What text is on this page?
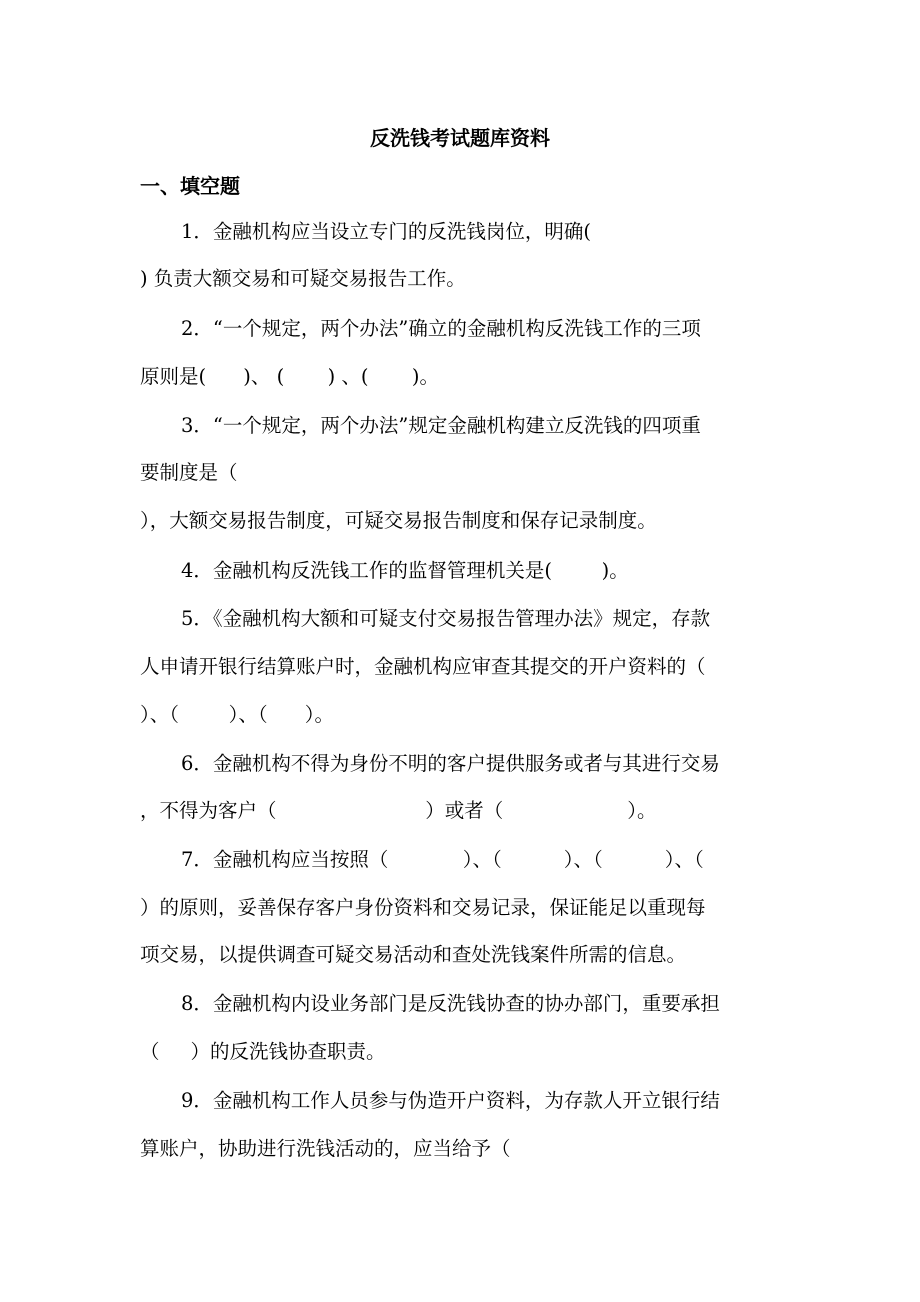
反洗钱考试题库资料
一、填空题
1．金融机构应当设立专门的反洗钱岗位，明确(
) 负责大额交易和可疑交易报告工作。
2．“一个规定，两个办法”确立的金融机构反洗钱工作的三项
原则是(      )、 (       ) 、(       )。
3．“一个规定，两个办法”规定金融机构建立反洗钱的四项重
要制度是（
），大额交易报告制度，可疑交易报告制度和保存记录制度。
4．金融机构反洗钱工作的监督管理机关是(        )。
5．《金融机构大额和可疑支付交易报告管理办法》规定，存款
人申请开银行结算账户时，金融机构应审查其提交的开户资料的（
）、（        ）、（      ）。
6．金融机构不得为身份不明的客户提供服务或者与其进行交易
，不得为客户（                        ）或者（                    ）。
7．金融机构应当按照（            ）、（          ）、（          ）、（
）的原则，妥善保存客户身份资料和交易记录，保证能足以重现每
项交易，以提供调查可疑交易活动和查处洗钱案件所需的信息。
8．金融机构内设业务部门是反洗钱协查的协办部门，重要承担
（     ）的反洗钱协查职责。
9．金融机构工作人员参与伪造开户资料，为存款人开立银行结
算账户，协助进行洗钱活动的，应当给予（
